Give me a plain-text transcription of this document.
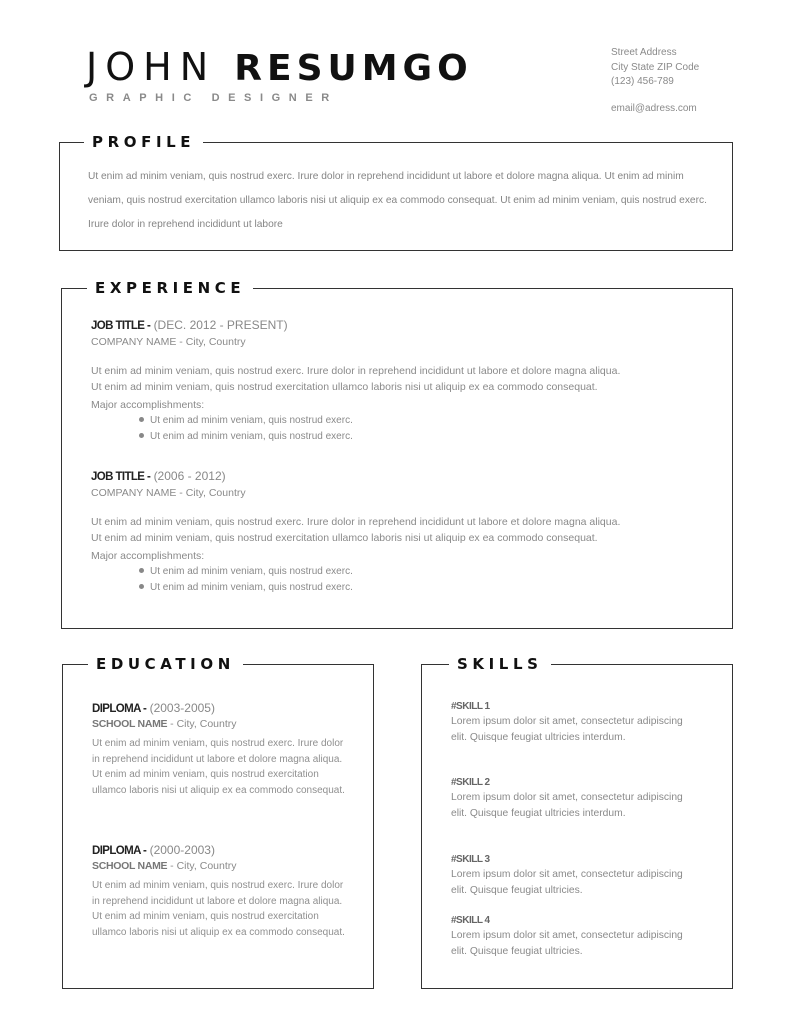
JOHN RESUMGO
GRAPHIC DESIGNER
Street Address
City State ZIP Code
(123) 456-789
email@adress.com
PROFILE
Ut enim ad minim veniam, quis nostrud exerc. Irure dolor in reprehend incididunt ut labore et dolore magna aliqua. Ut enim ad minim veniam, quis nostrud exercitation ullamco laboris nisi ut aliquip ex ea commodo consequat. Ut enim ad minim veniam, quis nostrud exerc. Irure dolor in reprehend incididunt ut labore
EXPERIENCE
JOB TITLE - (DEC. 2012 - PRESENT)
COMPANY NAME - City, Country
Ut enim ad minim veniam, quis nostrud exerc. Irure dolor in reprehend incididunt ut labore et dolore magna aliqua.
Ut enim ad minim veniam, quis nostrud exercitation ullamco laboris nisi ut aliquip ex ea commodo consequat.
Major accomplishments:
Ut enim ad minim veniam, quis nostrud exerc.
Ut enim ad minim veniam, quis nostrud exerc.
JOB TITLE - (2006 - 2012)
COMPANY NAME - City, Country
Ut enim ad minim veniam, quis nostrud exerc. Irure dolor in reprehend incididunt ut labore et dolore magna aliqua.
Ut enim ad minim veniam, quis nostrud exercitation ullamco laboris nisi ut aliquip ex ea commodo consequat.
Major accomplishments:
Ut enim ad minim veniam, quis nostrud exerc.
Ut enim ad minim veniam, quis nostrud exerc.
EDUCATION
DIPLOMA - (2003-2005)
SCHOOL NAME - City, Country
Ut enim ad minim veniam, quis nostrud exerc. Irure dolor in reprehend incididunt ut labore et dolore magna aliqua. Ut enim ad minim veniam, quis nostrud exercitation ullamco laboris nisi ut aliquip ex ea commodo consequat.
DIPLOMA - (2000-2003)
SCHOOL NAME - City, Country
Ut enim ad minim veniam, quis nostrud exerc. Irure dolor in reprehend incididunt ut labore et dolore magna aliqua. Ut enim ad minim veniam, quis nostrud exercitation ullamco laboris nisi ut aliquip ex ea commodo consequat.
SKILLS
#SKILL 1
Lorem ipsum dolor sit amet, consectetur adipiscing elit. Quisque feugiat ultricies interdum.
#SKILL 2
Lorem ipsum dolor sit amet, consectetur adipiscing elit. Quisque feugiat ultricies interdum.
#SKILL 3
Lorem ipsum dolor sit amet, consectetur adipiscing elit. Quisque feugiat ultricies.
#SKILL 4
Lorem ipsum dolor sit amet, consectetur adipiscing elit. Quisque feugiat ultricies.
